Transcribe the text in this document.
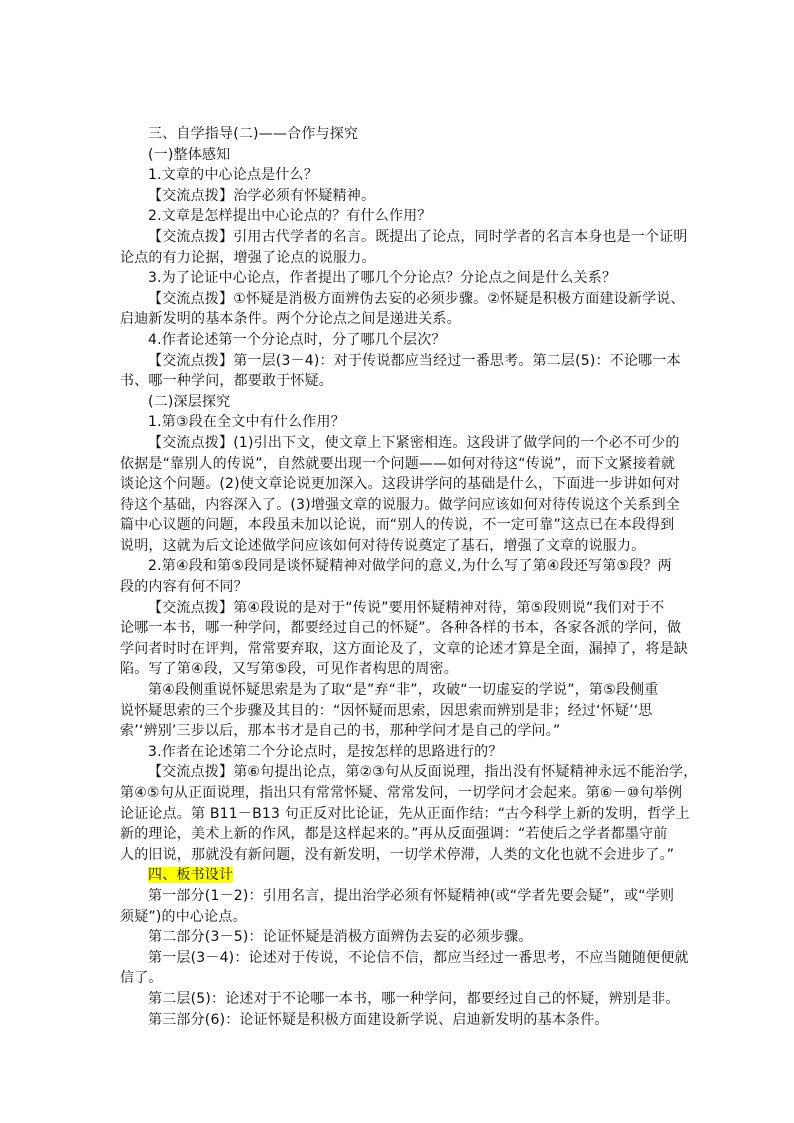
三、自学指导(二)——合作与探究
(一)整体感知
1.文章的中心论点是什么？
【交流点拨】治学必须有怀疑精神。
2.文章是怎样提出中心论点的？有什么作用？
【交流点拨】引用古代学者的名言。既提出了论点，同时学者的名言本身也是一个证明
论点的有力论据，增强了论点的说服力。
3.为了论证中心论点，作者提出了哪几个分论点？分论点之间是什么关系？
【交流点拨】①怀疑是消极方面辨伪去妄的必须步骤。②怀疑是积极方面建设新学说、
启迪新发明的基本条件。两个分论点之间是递进关系。
4.作者论述第一个分论点时，分了哪几个层次？
【交流点拨】第一层(3－4)：对于传说都应当经过一番思考。第二层(5)：不论哪一本
书、哪一种学问，都要敢于怀疑。
(二)深层探究
1.第③段在全文中有什么作用？
【交流点拨】(1)引出下文，使文章上下紧密相连。这段讲了做学问的一个必不可少的
依据是“靠别人的传说”，自然就要出现一个问题——如何对待这“传说”，而下文紧接着就
谈论这个问题。(2)使文章论说更加深入。这段讲学问的基础是什么，下面进一步讲如何对
待这个基础，内容深入了。(3)增强文章的说服力。做学问应该如何对待传说这个关系到全
篇中心议题的问题，本段虽未加以论说，而“别人的传说，不一定可靠”这点已在本段得到
说明，这就为后文论述做学问应该如何对待传说奠定了基石，增强了文章的说服力。
2.第④段和第⑤段同是谈怀疑精神对做学问的意义,为什么写了第④段还写第⑤段？两
段的内容有何不同？
【交流点拨】第④段说的是对于“传说”要用怀疑精神对待，第⑤段则说“我们对于不
论哪一本书，哪一种学问，都要经过自己的怀疑”。各种各样的书本，各家各派的学问，做
学问者时时在评判，常常要弃取，这方面论及了，文章的论述才算是全面，漏掉了，将是缺
陷。写了第④段，又写第⑤段，可见作者构思的周密。
第④段侧重说怀疑思索是为了取“是”弃“非”，攻破“一切虚妄的学说”，第⑤段侧重
说怀疑思索的三个步骤及其目的：“因怀疑而思索，因思索而辨别是非；经过‘怀疑’‘思
索’‘辨别’三步以后，那本书才是自己的书，那种学问才是自己的学问。”
3.作者在论述第二个分论点时，是按怎样的思路进行的？
【交流点拨】第⑥句提出论点，第②③句从反面说理，指出没有怀疑精神永远不能治学，
第④⑤句从正面说理，指出只有常常怀疑、常常发问，一切学问才会起来。第⑥－⑩句举例
论证论点。第 B11－B13 句正反对比论证，先从正面作结：“古今科学上新的发明，哲学上
新的理论，美术上新的作风，都是这样起来的。”再从反面强调：“若使后之学者都墨守前
人的旧说，那就没有新问题，没有新发明，一切学术停滞，人类的文化也就不会进步了。”
四、板书设计
第一部分(1－2)：引用名言，提出治学必须有怀疑精神(或“学者先要会疑”，或“学则
须疑”)的中心论点。
第二部分(3－5)：论证怀疑是消极方面辨伪去妄的必须步骤。
第一层(3－4)：论述对于传说，不论信不信，都应当经过一番思考，不应当随随便便就
信了。
第二层(5)：论述对于不论哪一本书，哪一种学问，都要经过自己的怀疑，辨别是非。
第三部分(6)：论证怀疑是积极方面建设新学说、启迪新发明的基本条件。
